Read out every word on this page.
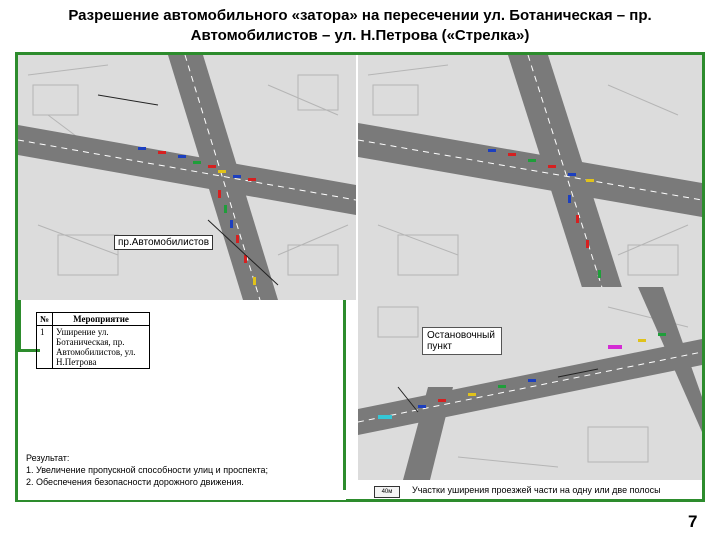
Разрешение автомобильного «затора» на пересечении ул. Ботаническая – пр.
Автомобилистов – ул. Н.Петрова («Стрелка»)
пр.Автомобилистов
Остановочный
пункт
№	Мероприятие
1	Уширение ул.
Ботаническая, пр.
Автомобилистов, ул.
Н.Петрова
Результат:
1. Увеличение пропускной способности улиц и проспекта;
2. Обеспечения безопасности дорожного движения.
40м	Участки уширения проезжей части на одну или две полосы
7
